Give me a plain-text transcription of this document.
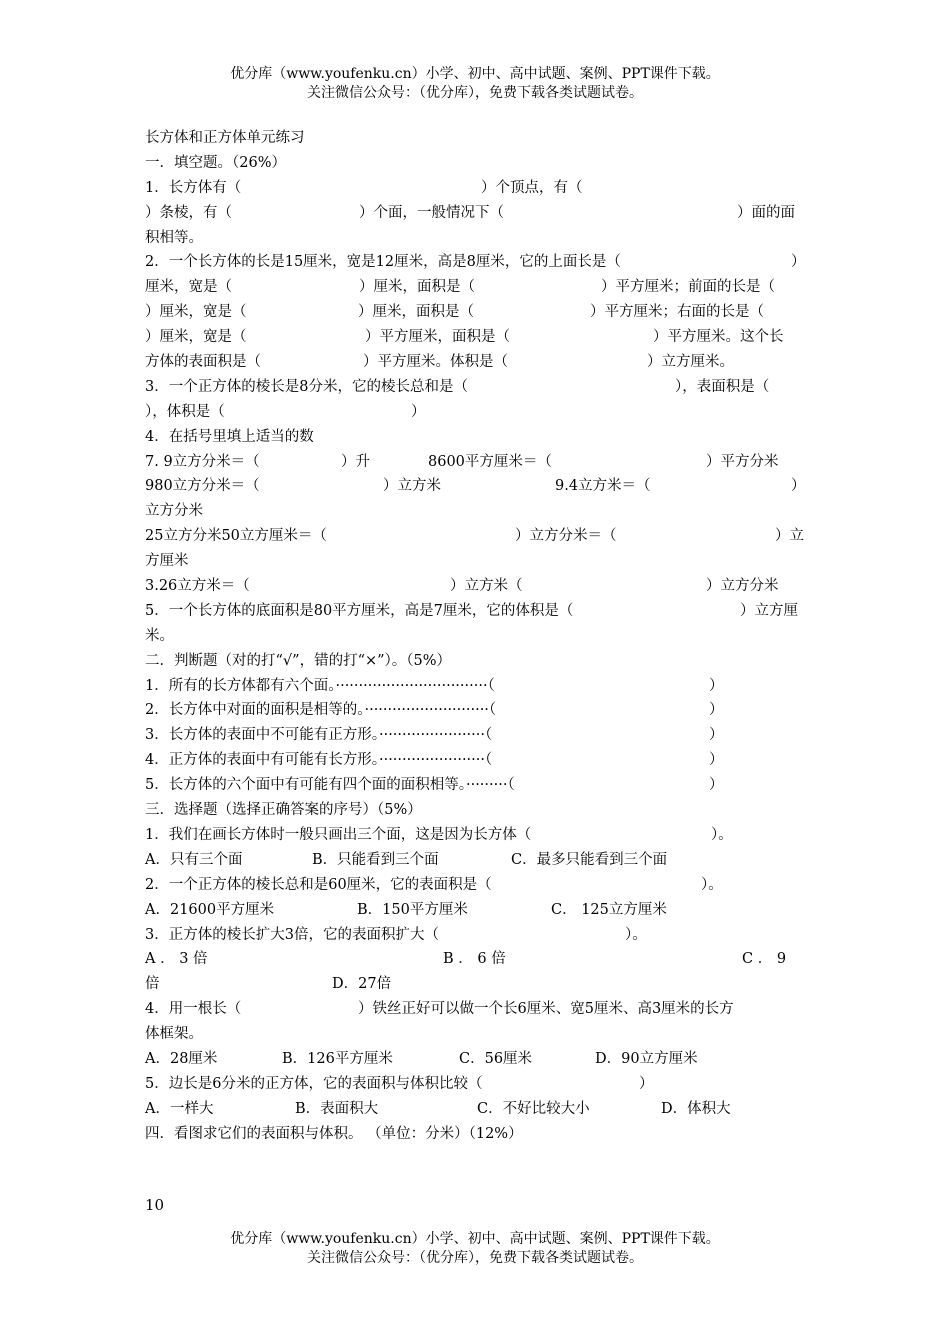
优分库（www.youfenku.cn）小学、初中、高中试题、案例、PPT课件下载。
关注微信公众号：（优分库），免费下载各类试题试卷。
长方体和正方体单元练习
一．填空题。（26%）
1．长方体有（	）个顶点，有（
）条棱，有（	）个面，一般情况下（	）面的面
积相等。
2．一个长方体的长是15厘米，宽是12厘米，高是8厘米，它的上面长是（	）
厘米，宽是（	）厘米，面积是（	）平方厘米；前面的长是（
）厘米，宽是（	）厘米，面积是（	）平方厘米；右面的长是（
）厘米，宽是（	）平方厘米，面积是（	）平方厘米。这个长
方体的表面积是（	）平方厘米。体积是（	）立方厘米。
3．一个正方体的棱长是8分米，它的棱长总和是（	），表面积是（
），体积是（	）
4．在括号里填上适当的数
7. 9立方分米＝（	）升	8600平方厘米＝（	）平方分米
980立方分米＝（	）立方米	9.4立方米＝（	）
立方分米
25立方分米50立方厘米＝（	）立方分米＝（	）立
方厘米
3.26立方米＝（	）立方米（	）立方分米
5．一个长方体的底面积是80平方厘米，高是7厘米，它的体积是（	）立方厘
米。
二．判断题（对的打“√”，错的打“×”）。（5%）
1．所有的长方体都有六个面。·································（	）
2．长方体中对面的面积是相等的。···························（	）
3．长方体的表面中不可能有正方形。·······················（	）
4．正方体的表面中有可能有长方形。·······················（	）
5．长方体的六个面中有可能有四个面的面积相等。·········（	）
三．选择题（选择正确答案的序号）（5%）
1．我们在画长方体时一般只画出三个面，这是因为长方体（	）。
A．只有三个面	B．只能看到三个面	C．最多只能看到三个面
2．一个正方体的棱长总和是60厘米，它的表面积是（	）。
A．21600平方厘米	B．150平方厘米	C． 125立方厘米
3．正方体的棱长扩大3倍，它的表面积扩大（	）。
A ． 3 倍	B ． 6 倍	C ． 9
倍	D．27倍
4．用一根长（	）铁丝正好可以做一个长6厘米、宽5厘米、高3厘米的长方
体框架。
A．28厘米	B．126平方厘米	C．56厘米	D．90立方厘米
5．边长是6分米的正方体，它的表面积与体积比较（	）
A．一样大	B．表面积大	C．不好比较大小	D．体积大
四．看图求它们的表面积与体积。 （单位：分米）（12%）
10
优分库（www.youfenku.cn）小学、初中、高中试题、案例、PPT课件下载。
关注微信公众号：（优分库），免费下载各类试题试卷。
